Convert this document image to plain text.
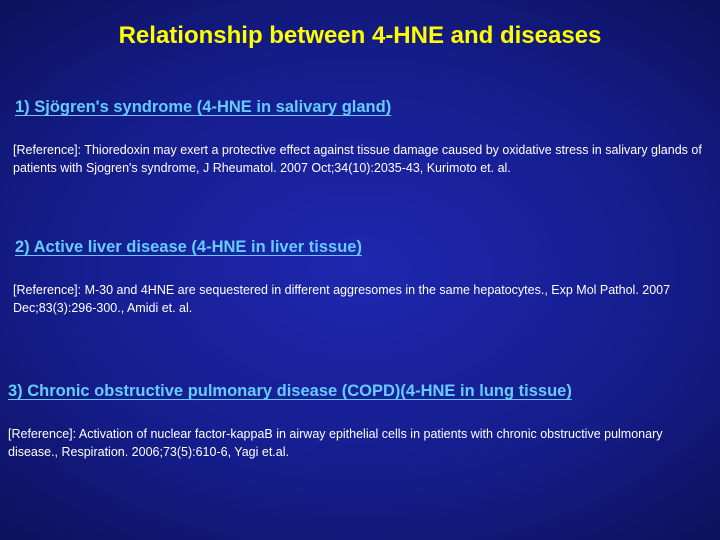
Relationship between 4-HNE and diseases
1) Sjögren's syndrome (4-HNE in salivary gland)
[Reference]: Thioredoxin may exert a protective effect against tissue damage caused by oxidative stress in salivary glands of patients with Sjogren's syndrome, J Rheumatol. 2007 Oct;34(10):2035-43, Kurimoto et. al.
2) Active liver disease (4-HNE in liver tissue)
[Reference]: M-30 and 4HNE are sequestered in different aggresomes in the same hepatocytes., Exp Mol Pathol. 2007 Dec;83(3):296-300., Amidi et. al.
3) Chronic obstructive pulmonary disease (COPD)(4-HNE in lung tissue)
[Reference]: Activation of nuclear factor-kappaB in airway epithelial cells in patients with chronic obstructive pulmonary disease., Respiration. 2006;73(5):610-6, Yagi et.al.
